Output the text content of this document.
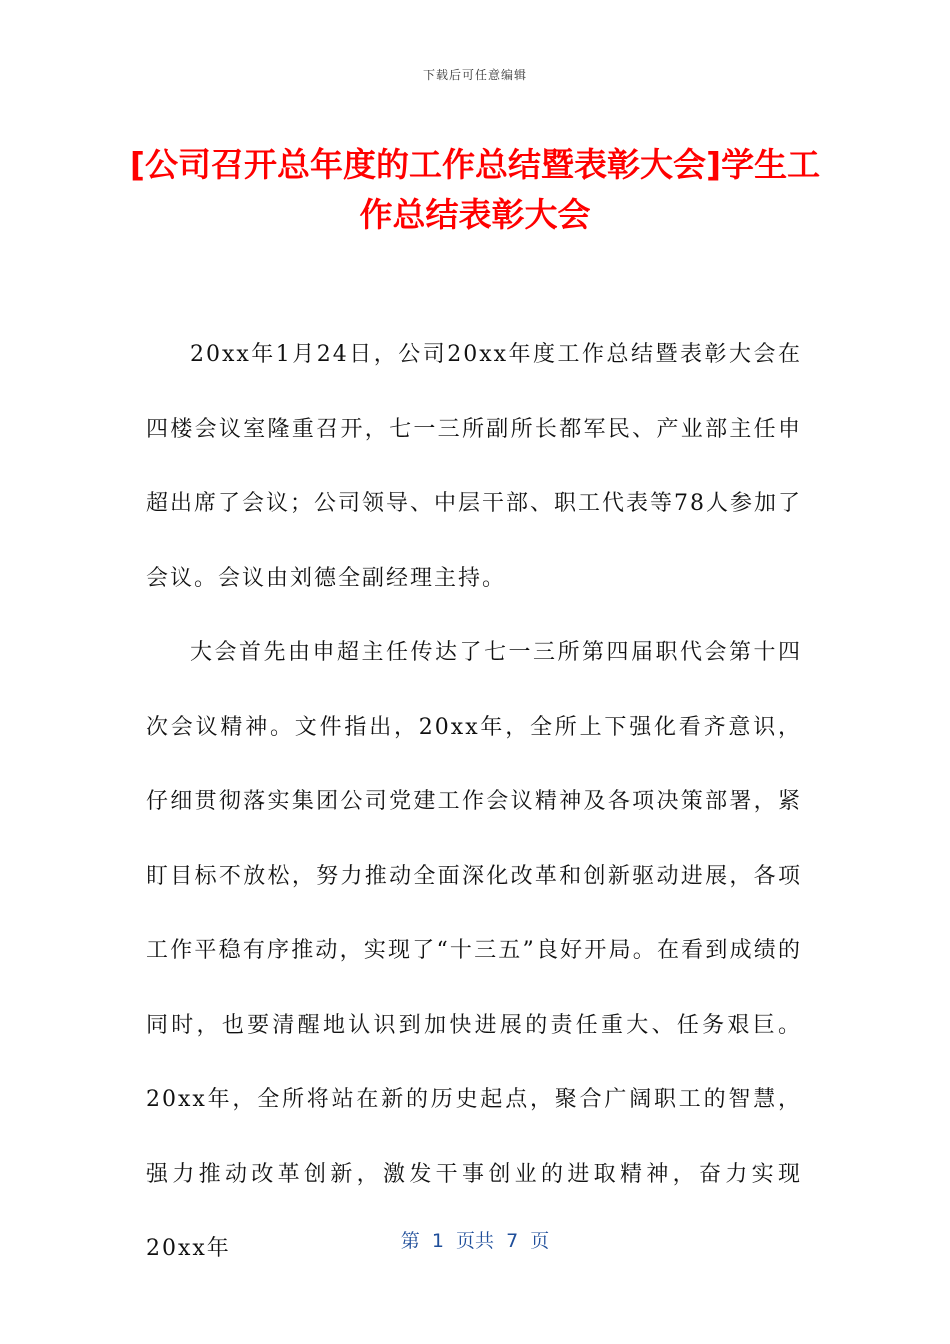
下载后可任意编辑
[公司召开总年度的工作总结暨表彰大会]学生工作总结表彰大会

20xx年1月24日，公司20xx年度工作总结暨表彰大会在四楼会议室隆重召开，七一三所副所长都军民、产业部主任申超出席了会议；公司领导、中层干部、职工代表等78人参加了会议。会议由刘德全副经理主持。

大会首先由申超主任传达了七一三所第四届职代会第十四次会议精神。文件指出，20xx年，全所上下强化看齐意识，仔细贯彻落实集团公司党建工作会议精神及各项决策部署，紧盯目标不放松，努力推动全面深化改革和创新驱动进展，各项工作平稳有序推动，实现了“十三五”良好开局。在看到成绩的同时，也要清醒地认识到加快进展的责任重大、任务艰巨。20xx年，全所将站在新的历史起点，聚合广阔职工的智慧，强力推动改革创新，激发干事创业的进取精神，奋力实现20xx年	第  1  页共  7  页
